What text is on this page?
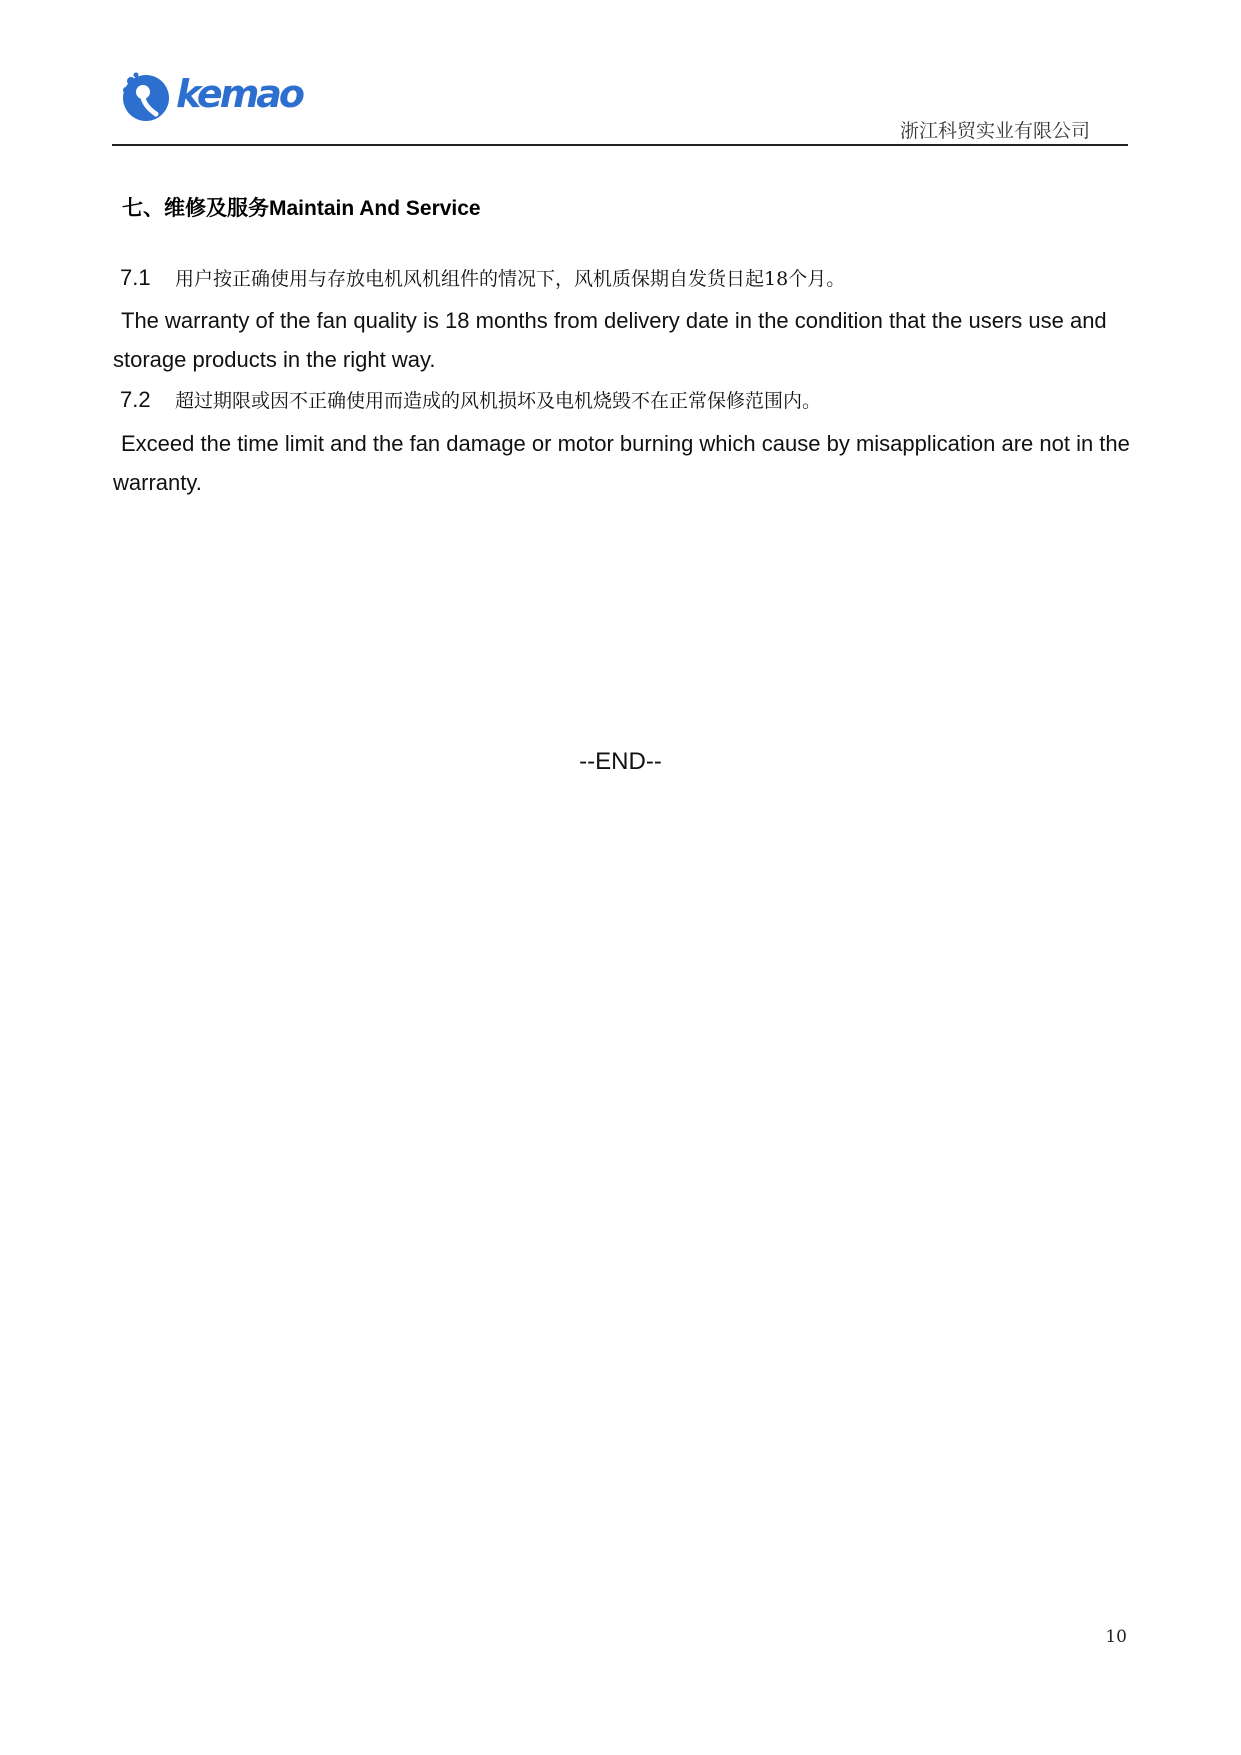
kemao
浙江科贸实业有限公司
七、维修及服务Maintain And Service
7.1 用户按正确使用与存放电机风机组件的情况下，风机质保期自发货日起18个月。
The warranty of the fan quality is 18 months from delivery date in the condition that the users use and storage products in the right way.
7.2 超过期限或因不正确使用而造成的风机损坏及电机烧毁不在正常保修范围内。
Exceed the time limit and the fan damage or motor burning which cause by misapplication are not in the warranty.
--END--
10
